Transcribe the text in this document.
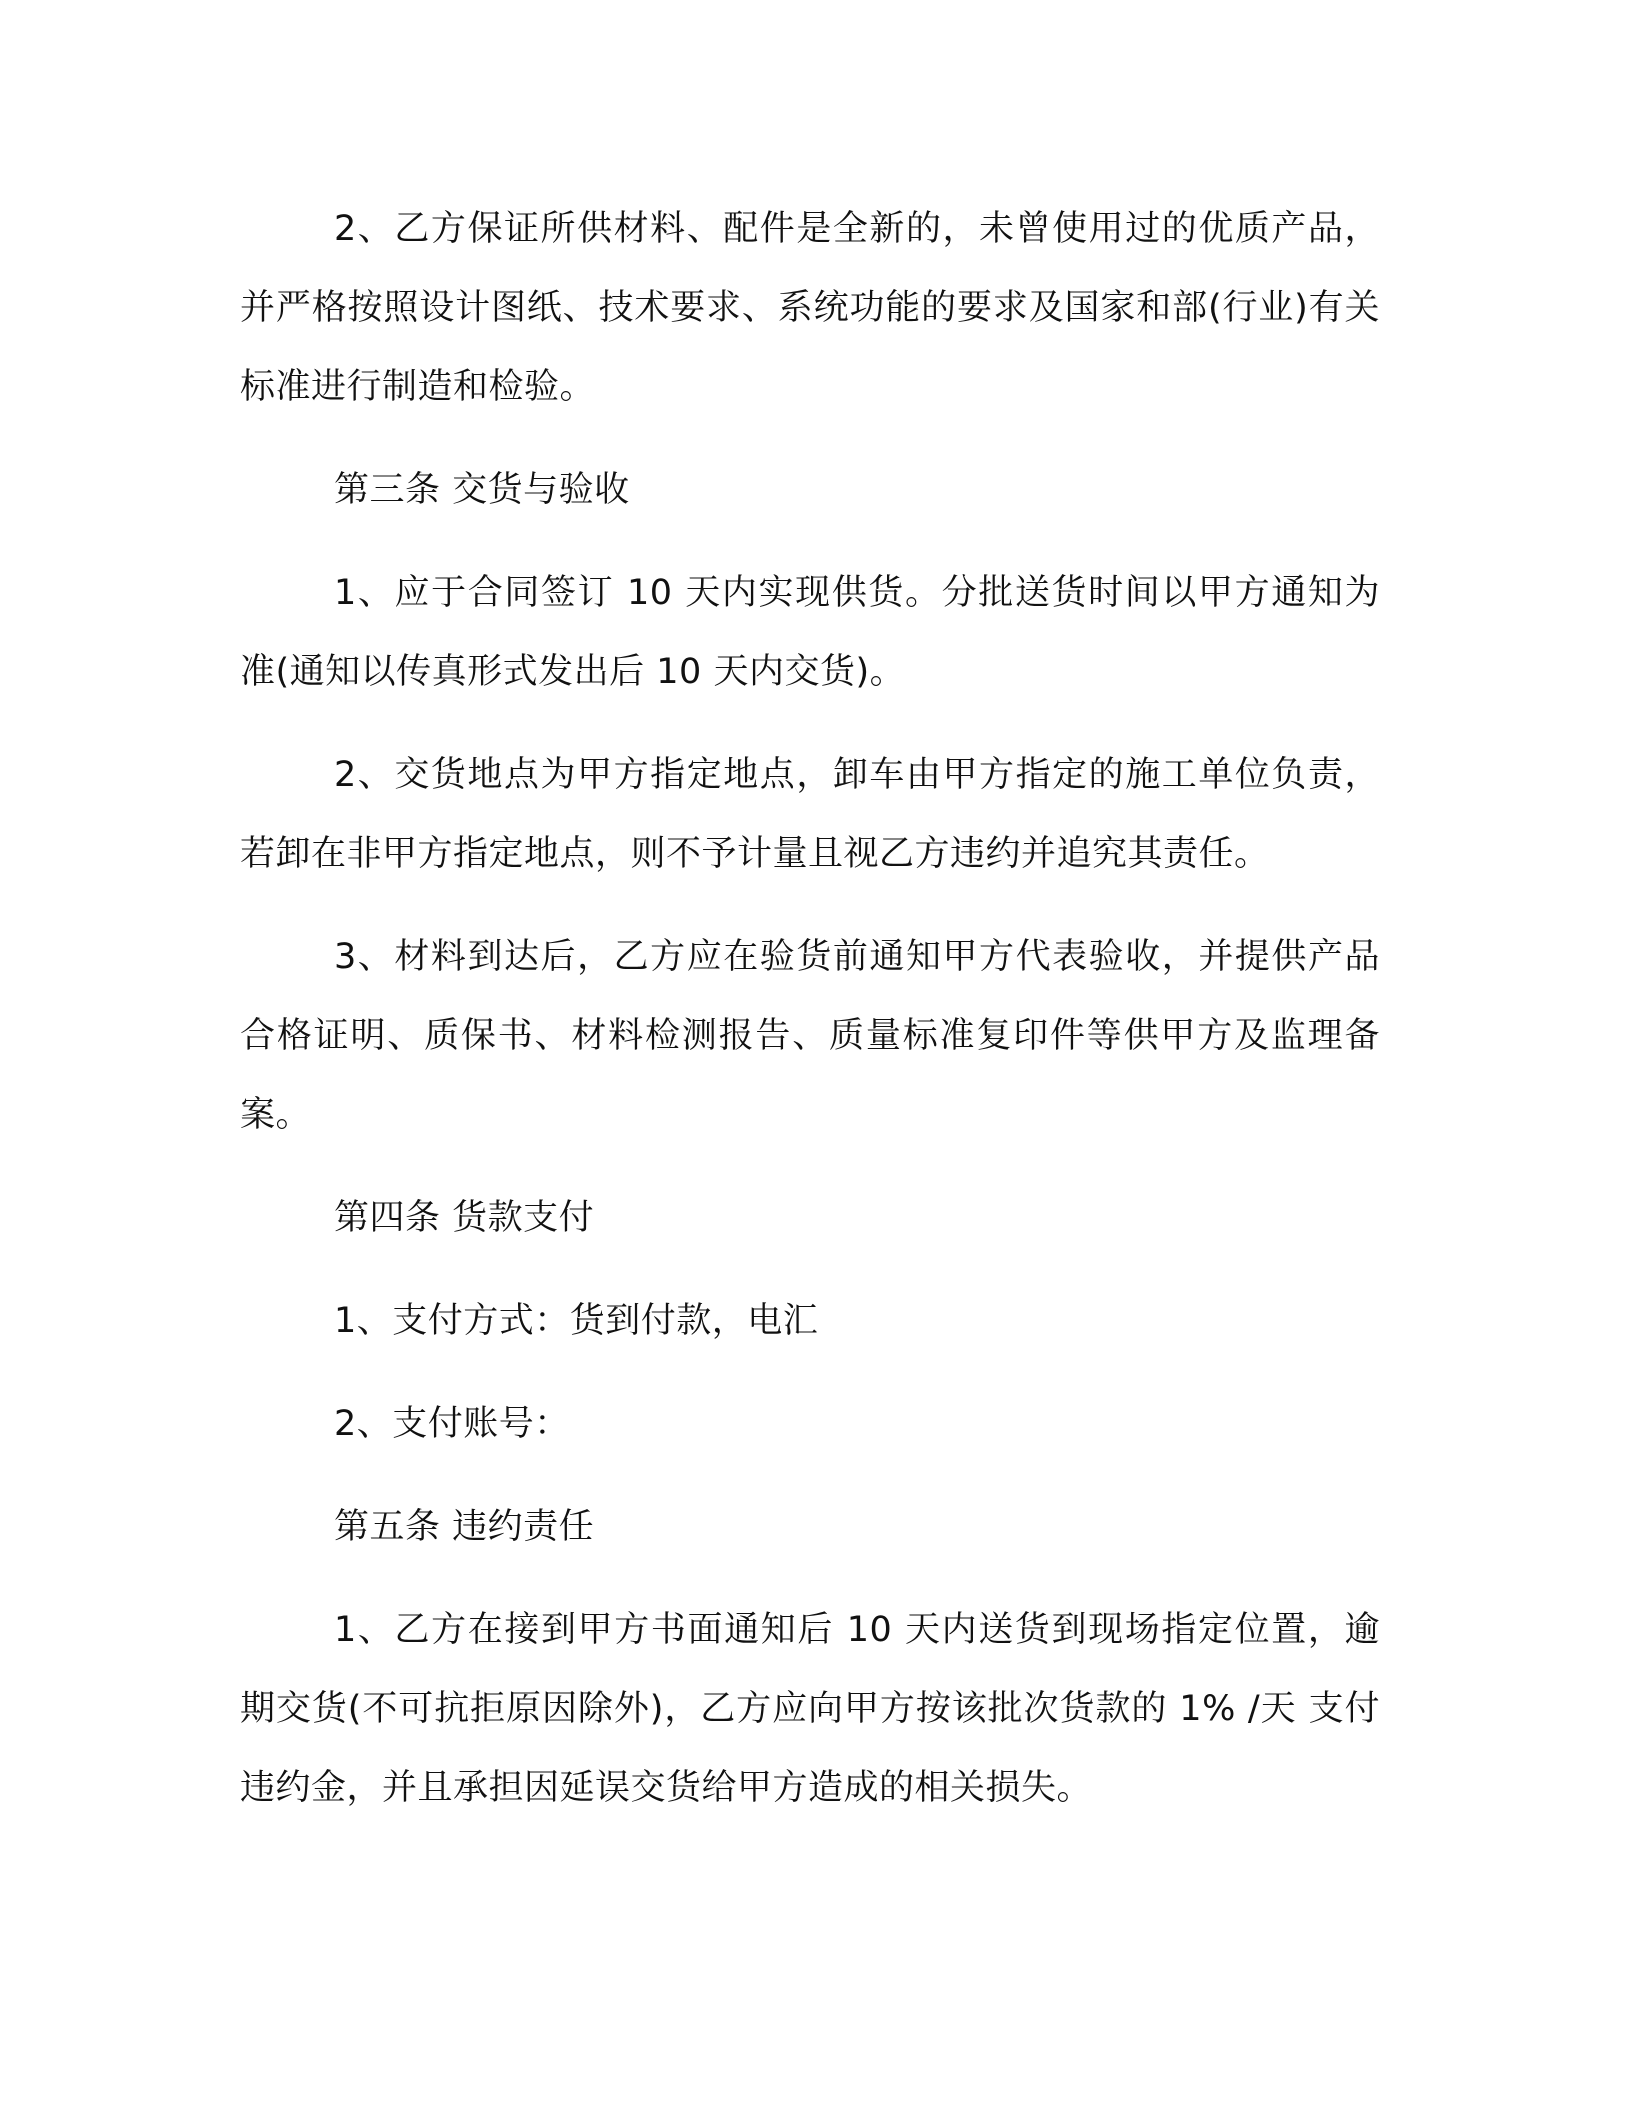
2、乙方保证所供材料、配件是全新的，未曾使用过的优质产品，并严格按照设计图纸、技术要求、系统功能的要求及国家和部(行业)有关标准进行制造和检验。

第三条 交货与验收

1、应于合同签订 10 天内实现供货。分批送货时间以甲方通知为准(通知以传真形式发出后 10 天内交货)。

2、交货地点为甲方指定地点，卸车由甲方指定的施工单位负责，若卸在非甲方指定地点，则不予计量且视乙方违约并追究其责任。

3、材料到达后，乙方应在验货前通知甲方代表验收，并提供产品合格证明、质保书、材料检测报告、质量标准复印件等供甲方及监理备案。

第四条 货款支付

1、支付方式：货到付款，电汇

2、支付账号：

第五条 违约责任

1、乙方在接到甲方书面通知后 10 天内送货到现场指定位置，逾期交货(不可抗拒原因除外)，乙方应向甲方按该批次货款的 1% /天 支付违约金，并且承担因延误交货给甲方造成的相关损失。
